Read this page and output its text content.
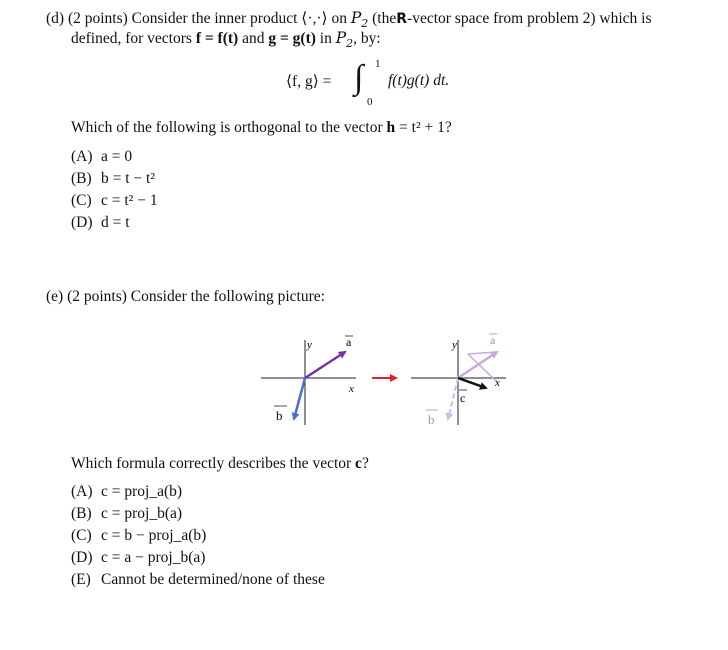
(d) (2 points) Consider the inner product ⟨·,·⟩ on $P_2$ (theR-vector space from problem 2) which is
defined, for vectors f = f(t) and g = g(t) in $P_2$, by:
⟨f, g⟩ = ∫ 1
0
f(t)g(t) dt.
Which of the following is orthogonal to the vector h = t² + 1?
(A) a = 0
(B) b = t − t²
(C) c = t² − 1
(D) d = t
(e) (2 points) Consider the following picture:
y	a
x
b
y	a
x
c
b
Which formula correctly describes the vector c?
(A) c = proj_a(b)
(B) c = proj_b(a)
(C) c = b − proj_a(b)
(D) c = a − proj_b(a)
(E) Cannot be determined/none of these
